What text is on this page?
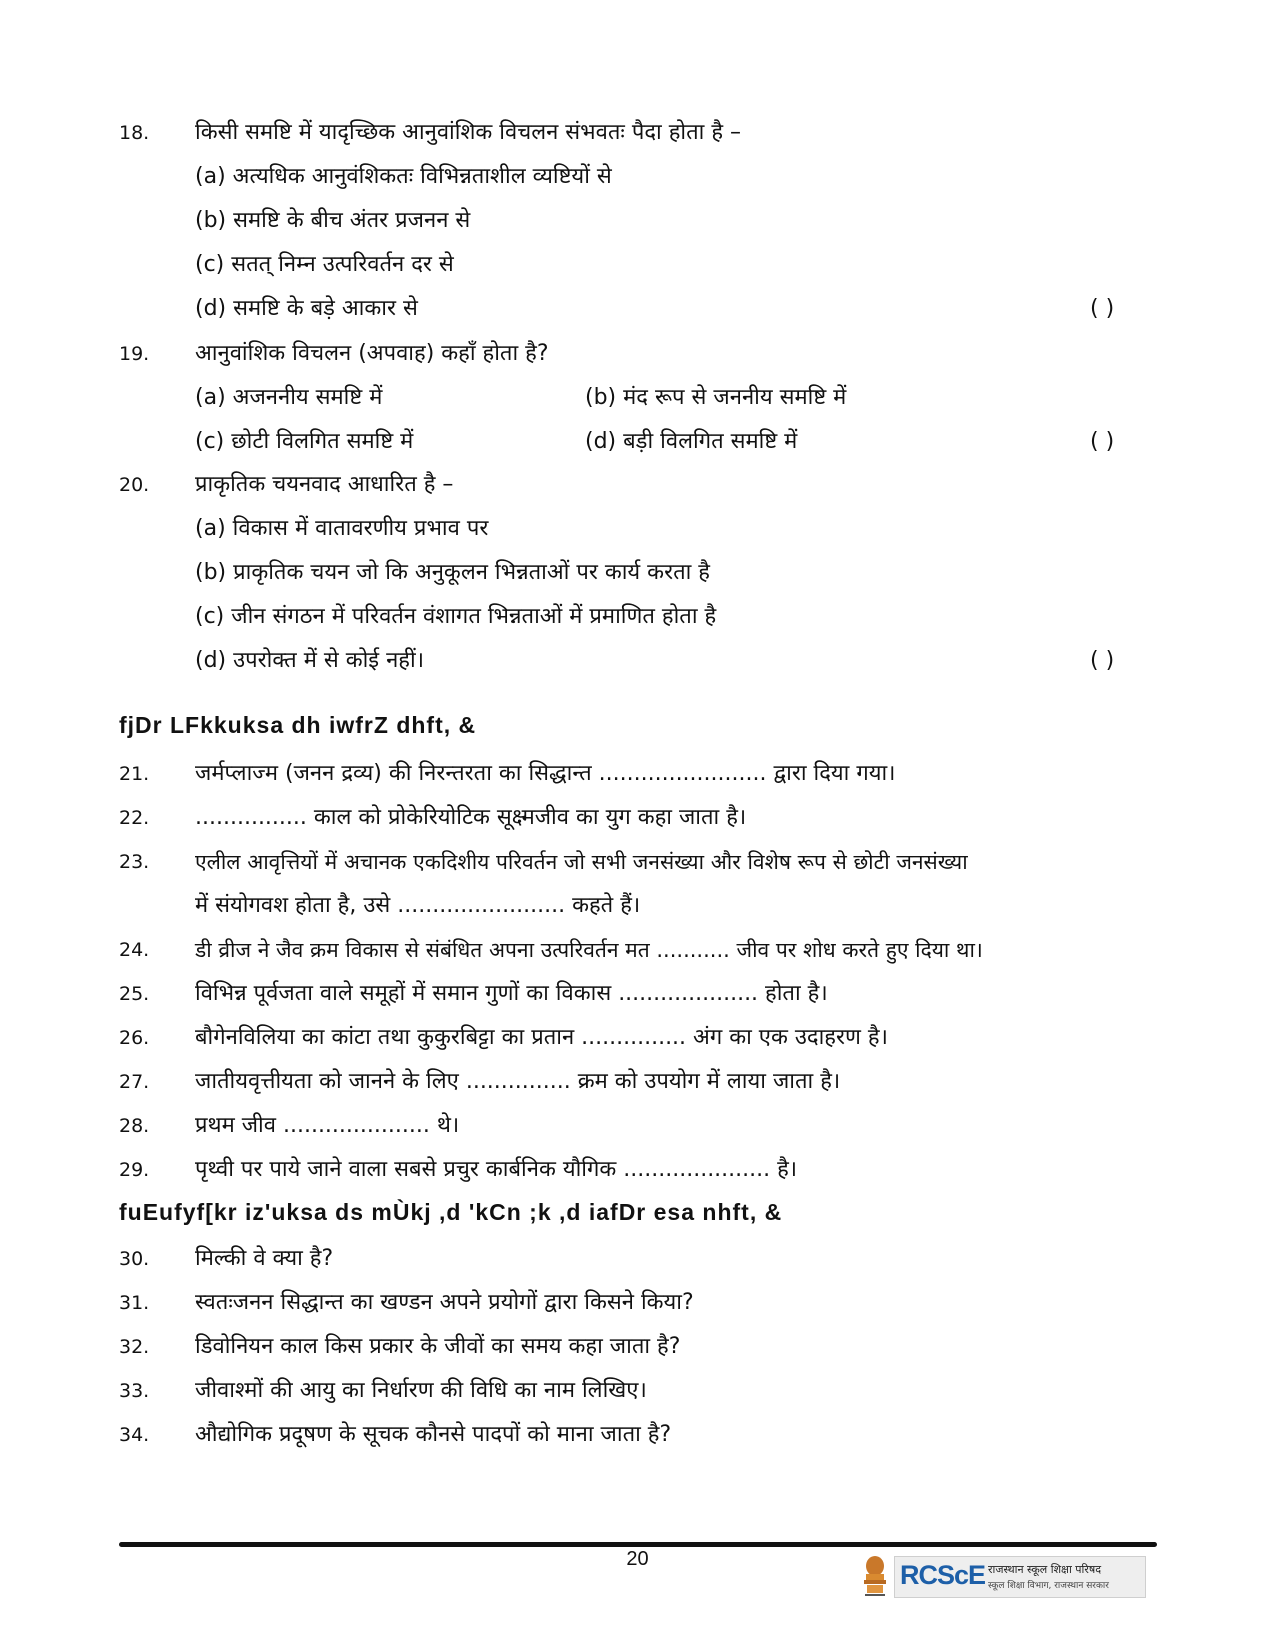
18. किसी समष्टि में यादृच्छिक आनुवांशिक विचलन संभवतः पैदा होता है –
(a) अत्यधिक आनुवंशिकतः विभिन्नताशील व्यष्टियों से
(b) समष्टि के बीच अंतर प्रजनन से
(c) सतत् निम्न उत्परिवर्तन दर से
(d) समष्टि के बड़े आकार से	( )
19. आनुवांशिक विचलन (अपवाह) कहाँ होता है?
(a) अजननीय समष्टि में	(b) मंद रूप से जननीय समष्टि में
(c) छोटी विलगित समष्टि में	(d) बड़ी विलगित समष्टि में	( )
20. प्राकृतिक चयनवाद आधारित है –
(a) विकास में वातावरणीय प्रभाव पर
(b) प्राकृतिक चयन जो कि अनुकूलन भिन्नताओं पर कार्य करता है
(c) जीन संगठन में परिवर्तन वंशागत भिन्नताओं में प्रमाणित होता है
(d) उपरोक्त में से कोई नहीं।	( )
fjDr LFkkuksa dh iwfrZ dhft, &
21. जर्मप्लाज्म (जनन द्रव्य) की निरन्तरता का सिद्धान्त ........................ द्वारा दिया गया।
22. ................ काल को प्रोकेरियोटिक सूक्ष्मजीव का युग कहा जाता है।
23. एलील आवृत्तियों में अचानक एकदिशीय परिवर्तन जो सभी जनसंख्या और विशेष रूप से छोटी जनसंख्या
में संयोगवश होता है, उसे ........................ कहते हैं।
24. डी व्रीज ने जैव क्रम विकास से संबंधित अपना उत्परिवर्तन मत ........... जीव पर शोध करते हुए दिया था।
25. विभिन्न पूर्वजता वाले समूहों में समान गुणों का विकास .................... होता है।
26. बौगेनविलिया का कांटा तथा कुकुरबिट्टा का प्रतान ............... अंग का एक उदाहरण है।
27. जातीयवृत्तीयता को जानने के लिए ............... क्रम को उपयोग में लाया जाता है।
28. प्रथम जीव ..................... थे।
29. पृथ्वी पर पाये जाने वाला सबसे प्रचुर कार्बनिक यौगिक ..................... है।
fuEufyf[kr iz'uksa ds mÙkj ,d 'kCn ;k ,d iafDr esa nhft, &
30. मिल्की वे क्या है?
31. स्वतःजनन सिद्धान्त का खण्डन अपने प्रयोगों द्वारा किसने किया?
32. डिवोनियन काल किस प्रकार के जीवों का समय कहा जाता है?
33. जीवाश्मों की आयु का निर्धारण की विधि का नाम लिखिए।
34. औद्योगिक प्रदूषण के सूचक कौनसे पादपों को माना जाता है?
20
RCScE राजस्थान स्कूल शिक्षा परिषद
स्कूल शिक्षा विभाग, राजस्थान सरकार
